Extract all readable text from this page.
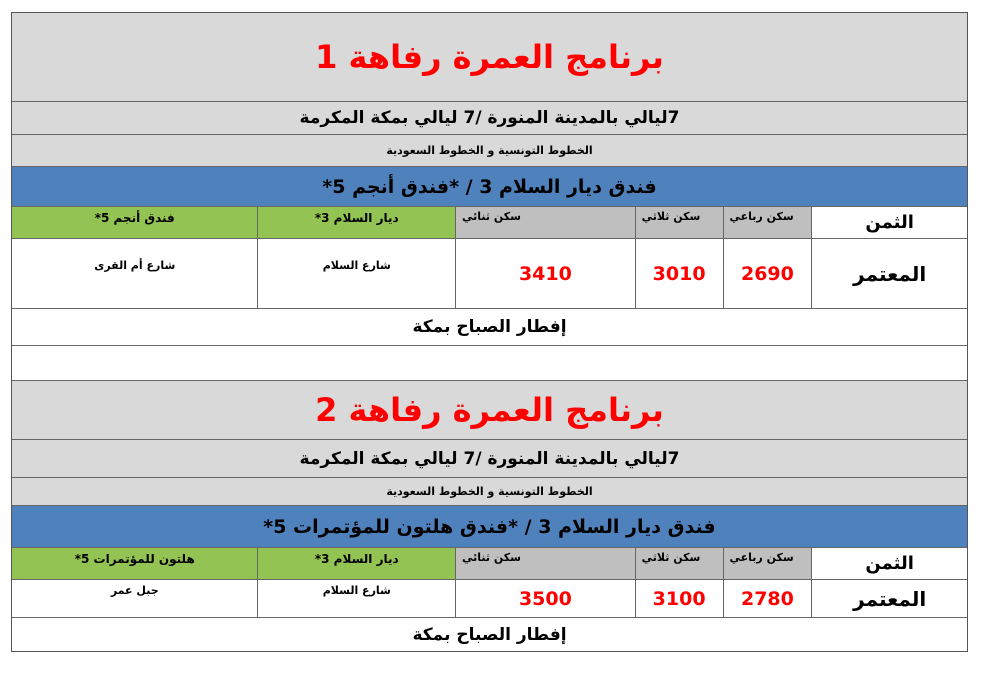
برنامج العمرة رفاهة 1
7ليالي بالمدينة المنورة /7 ليالي بمكة المكرمة
الخطوط التونسية و الخطوط السعودية
فندق ديار السلام 3 / *فندق أنجم 5*
الثمن
سكن رباعي
سكن ثلاثي
سكن ثنائي
ديار السلام 3*
فندق أنجم 5*
المعتمر
2690
3010
3410
شارع السلام
شارع أم القرى
إفطار الصباح بمكة
برنامج العمرة رفاهة 2
7ليالي بالمدينة المنورة /7 ليالي بمكة المكرمة
الخطوط التونسية و الخطوط السعودية
فندق ديار السلام 3 / *فندق هلتون للمؤتمرات 5*
الثمن
سكن رباعي
سكن ثلاثي
سكن ثنائي
ديار السلام 3*
هلتون للمؤتمرات 5*
المعتمر
2780
3100
3500
شارع السلام
جبل عمر
إفطار الصباح بمكة
